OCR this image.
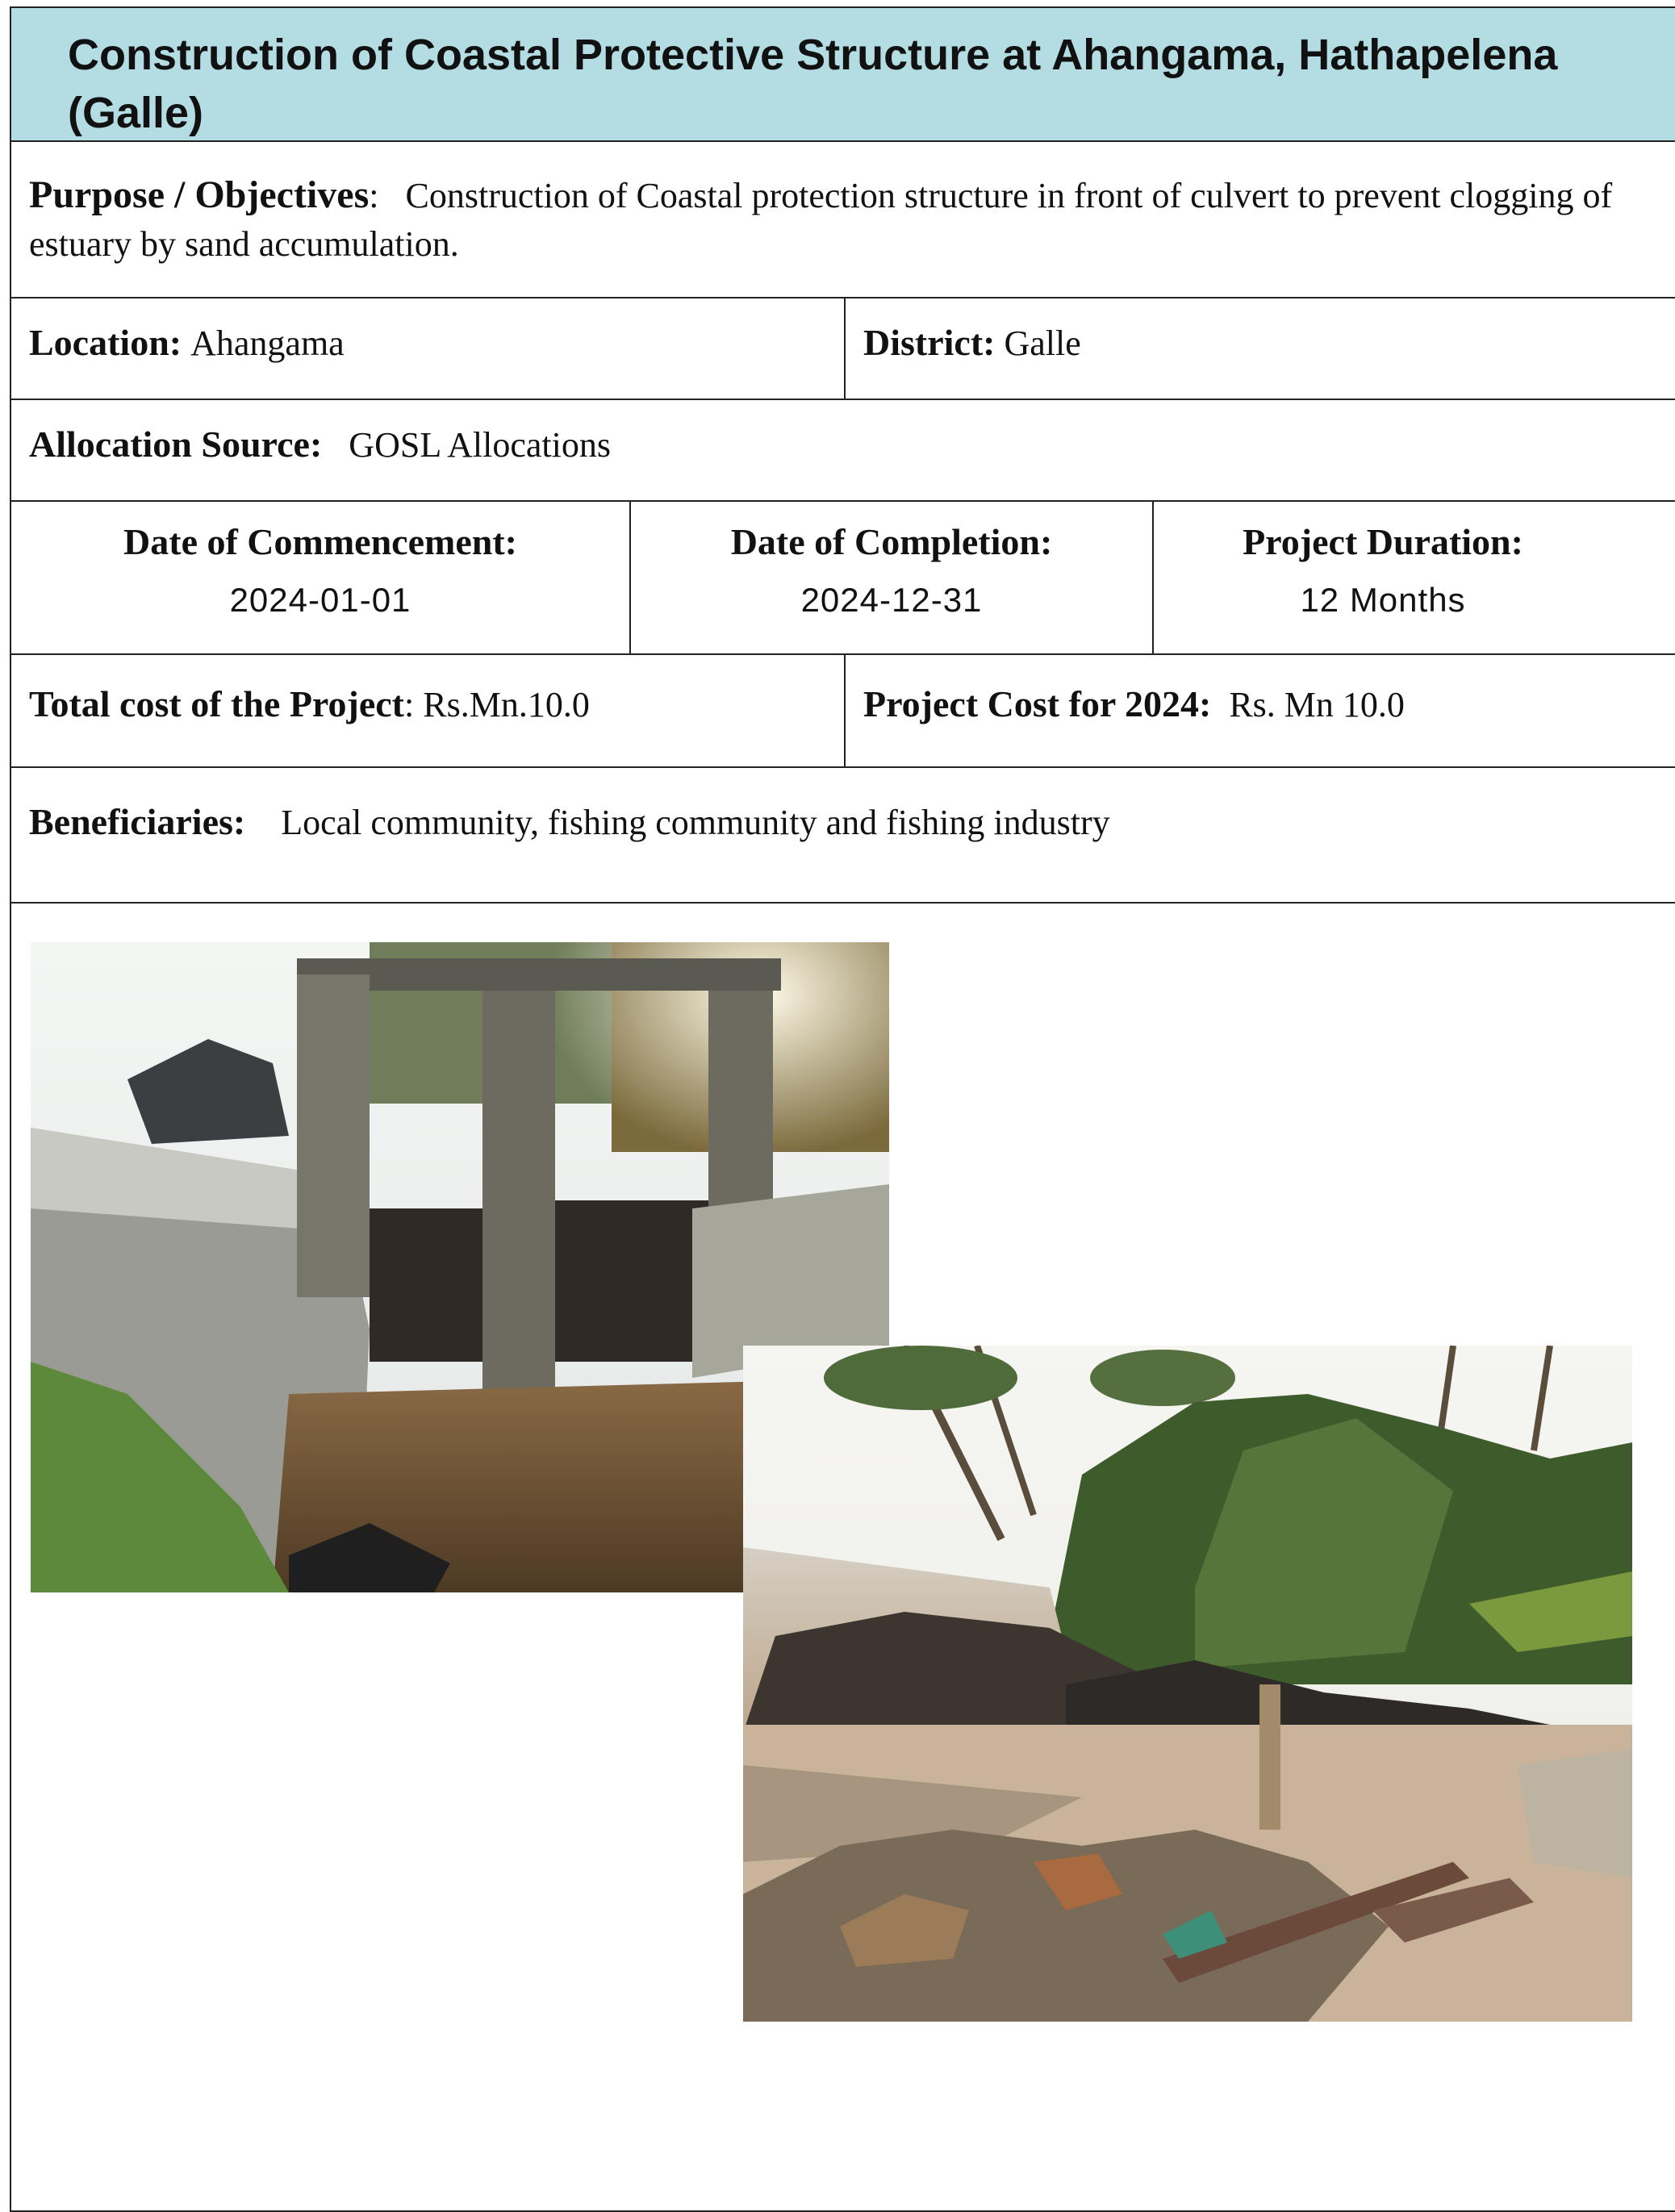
Construction of Coastal Protective Structure at Ahangama, Hathapelena (Galle)
Purpose / Objectives: Construction of Coastal protection structure in front of culvert to prevent clogging of estuary by sand accumulation.
Location: Ahangama	District: Galle
Allocation Source: GOSL Allocations
Date of Commencement:
2024-01-01
Date of Completion:
2024-12-31
Project Duration:
12 Months
Total cost of the Project: Rs.Mn.10.0	Project Cost for 2024: Rs. Mn 10.0
Beneficiaries: Local community, fishing community and fishing industry
